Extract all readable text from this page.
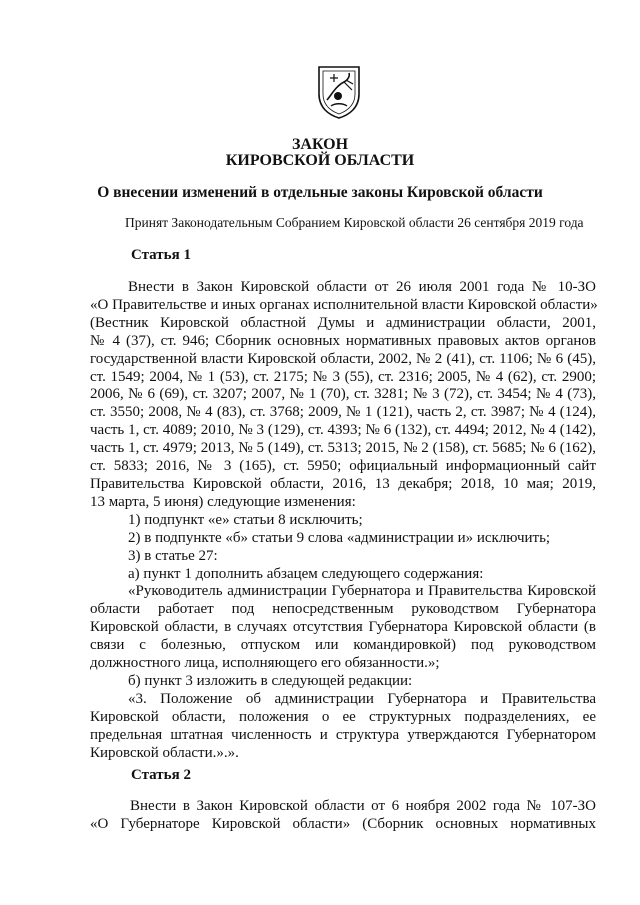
ЗАКОН
КИРОВСКОЙ ОБЛАСТИ
О внесении изменений в отдельные законы Кировской области
Принят Законодательным Собранием Кировской области 26 сентября 2019 года
Статья 1
Внести в Закон Кировской области от 26 июля 2001 года № 10-ЗО
«О Правительстве и иных органах исполнительной власти Кировской области»
(Вестник Кировской областной Думы и администрации области, 2001,
№ 4 (37), ст. 946; Сборник основных нормативных правовых актов органов
государственной власти Кировской области, 2002, № 2 (41), ст. 1106; № 6 (45),
ст. 1549; 2004, № 1 (53), ст. 2175; № 3 (55), ст. 2316; 2005, № 4 (62), ст. 2900;
2006, № 6 (69), ст. 3207; 2007, № 1 (70), ст. 3281; № 3 (72), ст. 3454; № 4 (73),
ст. 3550; 2008, № 4 (83), ст. 3768; 2009, № 1 (121), часть 2, ст. 3987; № 4 (124),
часть 1, ст. 4089; 2010, № 3 (129), ст. 4393; № 6 (132), ст. 4494; 2012, № 4 (142),
часть 1, ст. 4979; 2013, № 5 (149), ст. 5313; 2015, № 2 (158), ст. 5685; № 6 (162),
ст. 5833; 2016, № 3 (165), ст. 5950; официальный информационный сайт
Правительства Кировской области, 2016, 13 декабря; 2018, 10 мая; 2019,
13 марта, 5 июня) следующие изменения:
1) подпункт «е» статьи 8 исключить;
2) в подпункте «б» статьи 9 слова «администрации и» исключить;
3) в статье 27:
а) пункт 1 дополнить абзацем следующего содержания:
«Руководитель администрации Губернатора и Правительства Кировской
области работает под непосредственным руководством Губернатора
Кировской области, в случаях отсутствия Губернатора Кировской области (в
связи с болезнью, отпуском или командировкой) под руководством
должностного лица, исполняющего его обязанности.»;
б) пункт 3 изложить в следующей редакции:
«3. Положение об администрации Губернатора и Правительства
Кировской области, положения о ее структурных подразделениях, ее
предельная штатная численность и структура утверждаются Губернатором
Кировской области.».».
Статья 2
Внести в Закон Кировской области от 6 ноября 2002 года № 107-ЗО
«О Губернаторе Кировской области» (Сборник основных нормативных
